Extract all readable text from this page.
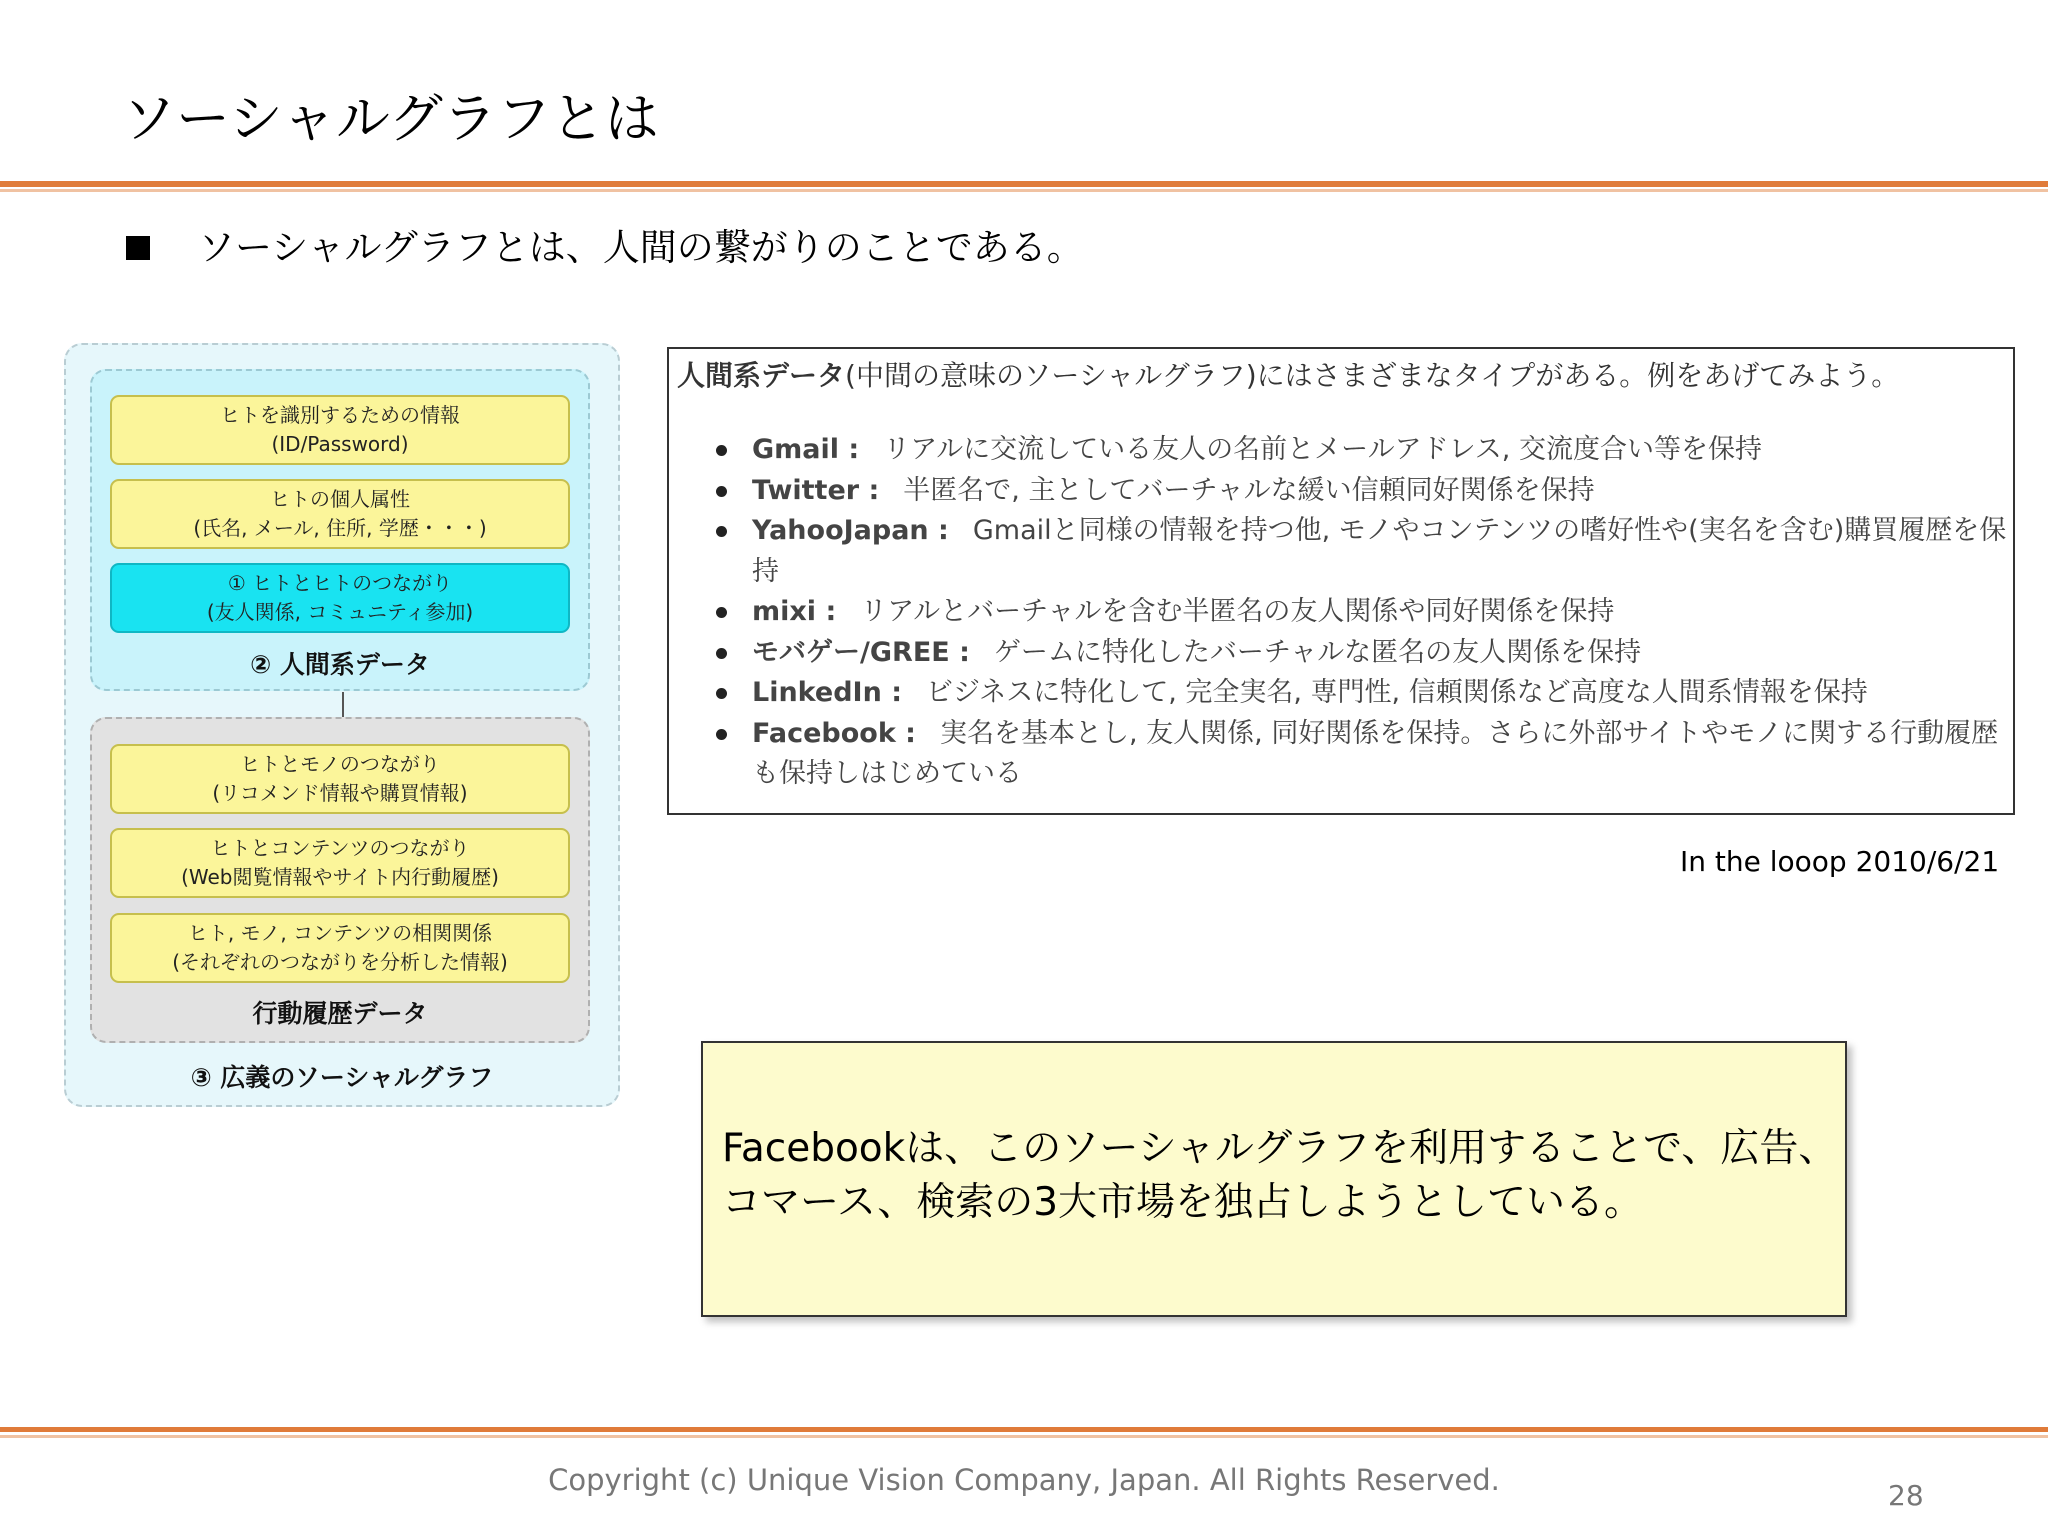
ソーシャルグラフとは
ソーシャルグラフとは、人間の繋がりのことである。
ヒトを識別するための情報
(ID/Password)
ヒトの個人属性
(氏名, メール, 住所, 学歴・・・)
① ヒトとヒトのつながり
(友人関係, コミュニティ参加)
② 人間系データ
ヒトとモノのつながり
(リコメンド情報や購買情報)
ヒトとコンテンツのつながり
(Web閲覧情報やサイト内行動履歴)
ヒト, モノ, コンテンツの相関関係
(それぞれのつながりを分析した情報)
行動履歴データ
③ 広義のソーシャルグラフ
人間系データ(中間の意味のソーシャルグラフ)にはさまざまなタイプがある。例をあげてみよう。
Gmail : リアルに交流している友人の名前とメールアドレス, 交流度合い等を保持
Twitter : 半匿名で, 主としてバーチャルな緩い信頼同好関係を保持
YahooJapan : Gmailと同様の情報を持つ他, モノやコンテンツの嗜好性や(実名を含む)購買履歴を保持
mixi : リアルとバーチャルを含む半匿名の友人関係や同好関係を保持
モバゲー/GREE : ゲームに特化したバーチャルな匿名の友人関係を保持
LinkedIn : ビジネスに特化して, 完全実名, 専門性, 信頼関係など高度な人間系情報を保持
Facebook : 実名を基本とし, 友人関係, 同好関係を保持。さらに外部サイトやモノに関する行動履歴も保持しはじめている
In the looop 2010/6/21
Facebookは、このソーシャルグラフを利用することで、広告、
コマース、検索の3大市場を独占しようとしている。
Copyright (c) Unique Vision Company, Japan. All Rights Reserved.	28
